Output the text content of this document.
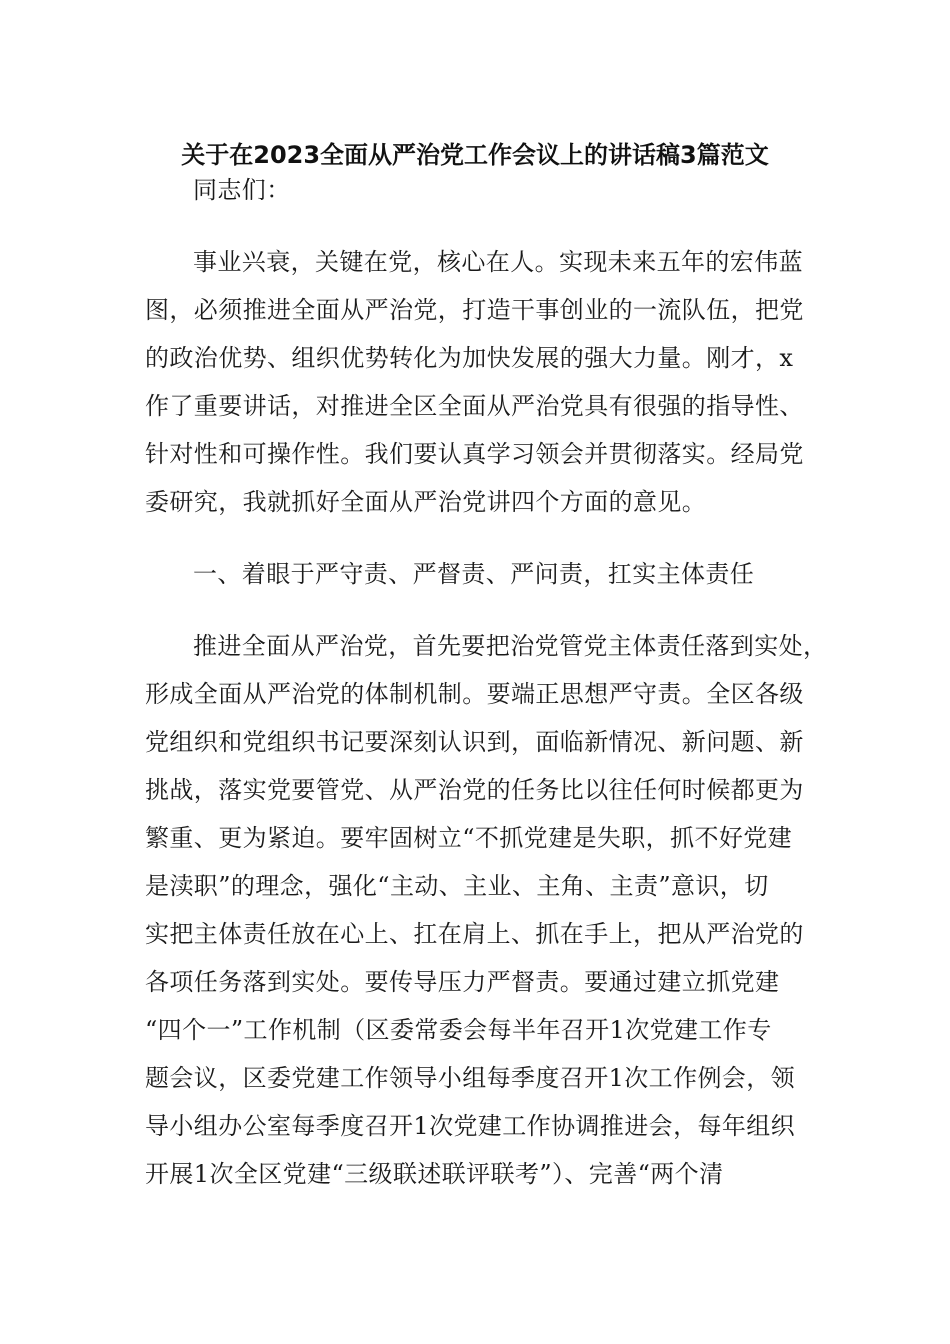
关于在2023全面从严治党工作会议上的讲话稿3篇范文
同志们：
事业兴衰，关键在党，核心在人。实现未来五年的宏伟蓝
图，必须推进全面从严治党，打造干事创业的一流队伍，把党
的政治优势、组织优势转化为加快发展的强大力量。刚才，x
作了重要讲话，对推进全区全面从严治党具有很强的指导性、
针对性和可操作性。我们要认真学习领会并贯彻落实。经局党
委研究，我就抓好全面从严治党讲四个方面的意见。
一、着眼于严守责、严督责、严问责，扛实主体责任
推进全面从严治党，首先要把治党管党主体责任落到实处，
形成全面从严治党的体制机制。要端正思想严守责。全区各级
党组织和党组织书记要深刻认识到，面临新情况、新问题、新
挑战，落实党要管党、从严治党的任务比以往任何时候都更为
繁重、更为紧迫。要牢固树立“不抓党建是失职，抓不好党建
是渎职”的理念，强化“主动、主业、主角、主责”意识，切
实把主体责任放在心上、扛在肩上、抓在手上，把从严治党的
各项任务落到实处。要传导压力严督责。要通过建立抓党建
“四个一”工作机制（区委常委会每半年召开1次党建工作专
题会议，区委党建工作领导小组每季度召开1次工作例会，领
导小组办公室每季度召开1次党建工作协调推进会，每年组织
开展1次全区党建“三级联述联评联考”）、完善“两个清
